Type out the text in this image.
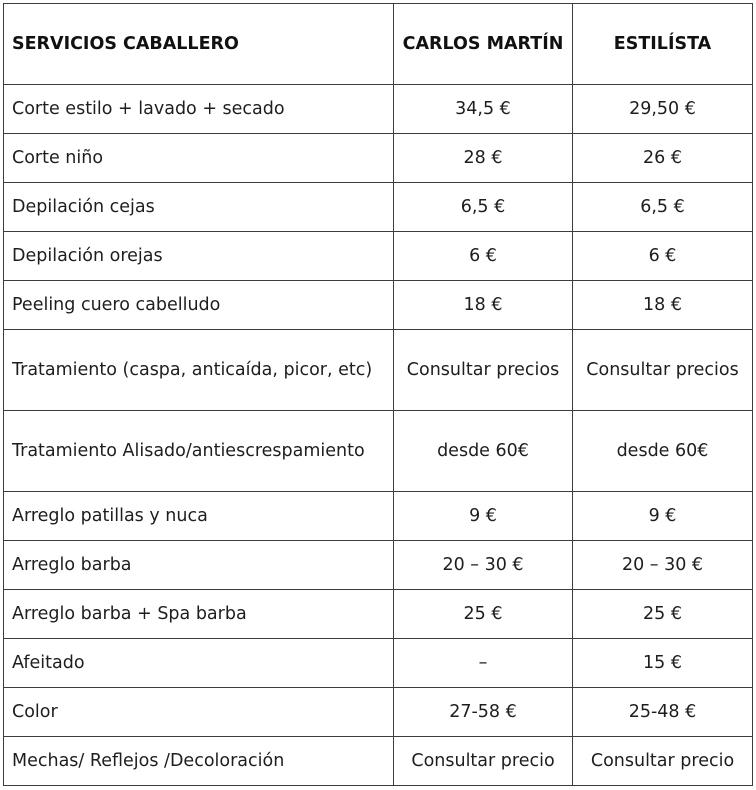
SERVICIOS CABALLERO	CARLOS MARTÍN	ESTILÍSTA
Corte estilo + lavado + secado	34,5 €	29,50 €
Corte niño	28 €	26 €
Depilación cejas	6,5 €	6,5 €
Depilación orejas	6 €	6 €
Peeling cuero cabelludo	18 €	18 €
Tratamiento (caspa, anticaída, picor, etc)	Consultar precios	Consultar precios
Tratamiento Alisado/antiescrespamiento	desde 60€	desde 60€
Arreglo patillas y nuca	9 €	9 €
Arreglo barba	20 – 30 €	20 – 30 €
Arreglo barba + Spa barba	25 €	25 €
Afeitado	–	15 €
Color	27-58 €	25-48 €
Mechas/ Reflejos /Decoloración	Consultar precio	Consultar precio
